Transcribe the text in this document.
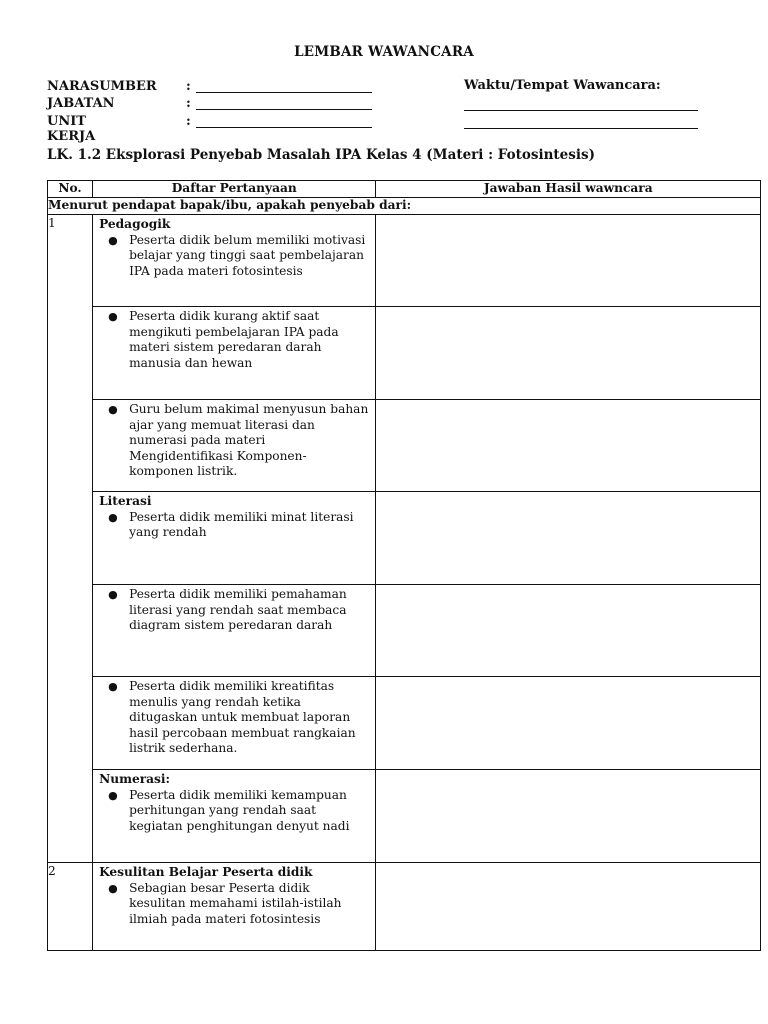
LEMBAR WAWANCARA
NARASUMBER :
JABATAN	:
UNIT KERJA
:
Waktu/Tempat Wawancara:
LK. 1.2 Eksplorasi Penyebab Masalah IPA Kelas 4 (Materi : Fotosintesis)
No.	Daftar Pertanyaan	Jawaban Hasil wawncara
Menurut pendapat bapak/ibu, apakah penyebab dari:		
1	Pedagogik
● Peserta didik belum memiliki motivasi belajar yang tinggi saat pembelajaran IPA pada materi fotosintesis	

	● Peserta didik kurang aktif saat mengikuti pembelajaran IPA pada materi sistem peredaran darah manusia dan hewan	

	● Guru belum makimal menyusun bahan ajar yang memuat literasi dan numerasi pada materi Mengidentifikasi Komponen-komponen listrik.	

	Literasi
● Peserta didik memiliki minat literasi yang rendah	

	● Peserta didik memiliki pemahaman literasi yang rendah saat membaca diagram sistem peredaran darah	

	● Peserta didik memiliki kreatifitas menulis yang rendah ketika ditugaskan untuk membuat laporan hasil percobaan membuat rangkaian listrik sederhana.	

	Numerasi:
● Peserta didik memiliki kemampuan perhitungan yang rendah saat kegiatan penghitungan denyut nadi	

2	Kesulitan Belajar Peserta didik
● Sebagian besar Peserta didik kesulitan memahami istilah-istilah ilmiah pada materi fotosintesis	
